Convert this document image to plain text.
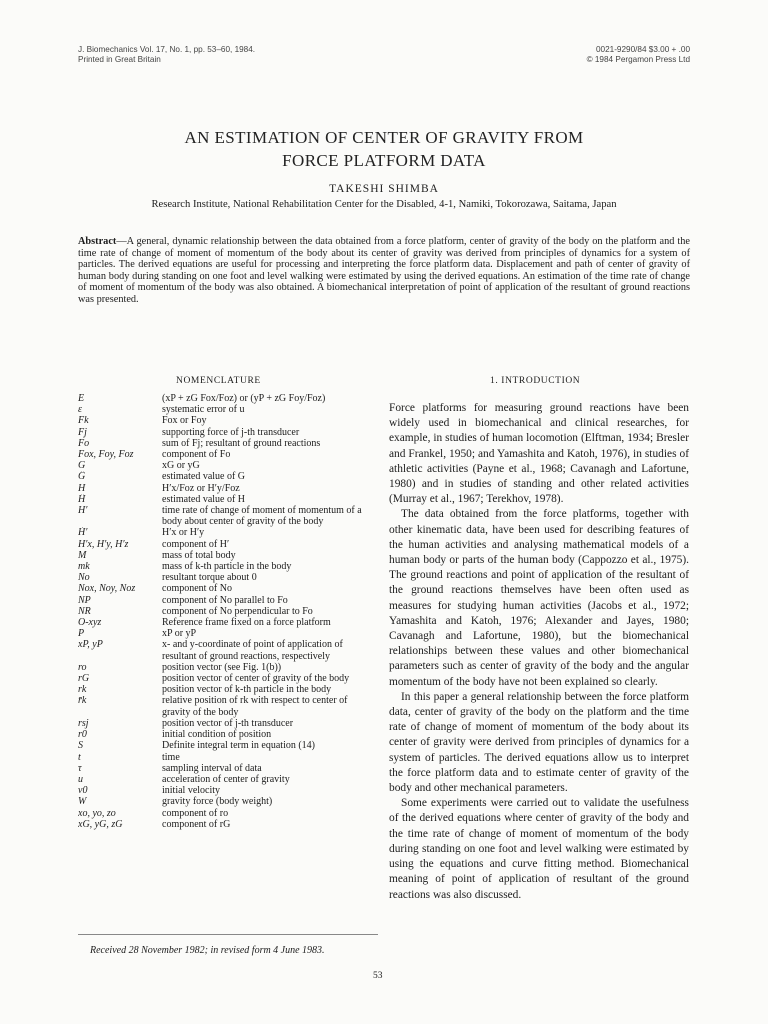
J. Biomechanics Vol. 17, No. 1, pp. 53–60, 1984.
Printed in Great Britain
0021-9290/84 $3.00 + .00
© 1984 Pergamon Press Ltd
AN ESTIMATION OF CENTER OF GRAVITY FROM
FORCE PLATFORM DATA
TAKESHI SHIMBA
Research Institute, National Rehabilitation Center for the Disabled, 4-1, Namiki, Tokorozawa, Saitama, Japan
Abstract—A general, dynamic relationship between the data obtained from a force platform, center of gravity of the body on the platform and the time rate of change of moment of momentum of the body about its center of gravity was derived from principles of dynamics for a system of particles. The derived equations are useful for processing and interpreting the force platform data. Displacement and path of center of gravity of human body during standing on one foot and level walking were estimated by using the derived equations. An estimation of the time rate of change of moment of momentum of the body was also obtained. A biomechanical interpretation of point of application of the resultant of ground reactions was presented.
NOMENCLATURE	1. INTRODUCTION
E	(xP + zG Fox/Foz) or (yP + zG Foy/Foz)
ε	systematic error of u
Fk	Fox or Foy
Fj	supporting force of j-th transducer
Fo	sum of Fj; resultant of ground reactions
Fox, Foy, Foz	component of Fo
G	xG or yG
Ĝ	estimated value of G
H	H′x/Foz or H′y/Foz
Ĥ	estimated value of H
H′	time rate of change of moment of momentum of a body about center of gravity of the body
Ḣ′	H′x or H′y
H′x, H′y, H′z	component of H′
M	mass of total body
mk	mass of k-th particle in the body
No	resultant torque about 0
Nox, Noy, Noz	component of No
NP	component of No parallel to Fo
NR	component of No perpendicular to Fo
O-xyz	Reference frame fixed on a force platform
P	xP or yP
xP, yP	x- and y-coordinate of point of application of resultant of ground reactions, respectively
ro	position vector (see Fig. 1(b))
rG	position vector of center of gravity of the body
rk	position vector of k-th particle in the body
r̄k	relative position of rk with respect to center of gravity of the body
rsj	position vector of j-th transducer
r0	initial condition of position
S	Definite integral term in equation (14)
t	time
τ	sampling interval of data
u	acceleration of center of gravity
v0	initial velocity
W	gravity force (body weight)
xo, yo, zo	component of ro
xG, yG, zG	component of rG

Force platforms for measuring ground reactions have been widely used in biomechanical and clinical researches, for example, in studies of human locomotion (Elftman, 1934; Bresler and Frankel, 1950; and Yamashita and Katoh, 1976), in studies of athletic activities (Payne et al., 1968; Cavanagh and Lafortune, 1980) and in studies of standing and other related activities (Murray et al., 1967; Terekhov, 1978).

The data obtained from the force platforms, together with other kinematic data, have been used for describing features of the human activities and analysing mathematical models of a human body or parts of the human body (Cappozzo et al., 1975). The ground reactions and point of application of the resultant of the ground reactions themselves have been often used as measures for studying human activities (Jacobs et al., 1972; Yamashita and Katoh, 1976; Alexander and Jayes, 1980; Cavanagh and Lafortune, 1980), but the biomechanical relationships between these values and other biomechanical parameters such as center of gravity of the body and the angular momentum of the body have not been explained so clearly.

In this paper a general relationship between the force platform data, center of gravity of the body on the platform and the time rate of change of moment of momentum of the body about its center of gravity were derived from principles of dynamics for a system of particles. The derived equations allow us to interpret the force platform data and to estimate center of gravity of the body and other mechanical parameters.

Some experiments were carried out to validate the usefulness of the derived equations where center of gravity of the body and the time rate of change of moment of momentum of the body during standing on one foot and level walking were estimated by using the equations and curve fitting method. Biomechanical meaning of point of application of resultant of the ground reactions was also discussed.

Received 28 November 1982; in revised form 4 June 1983.
53
